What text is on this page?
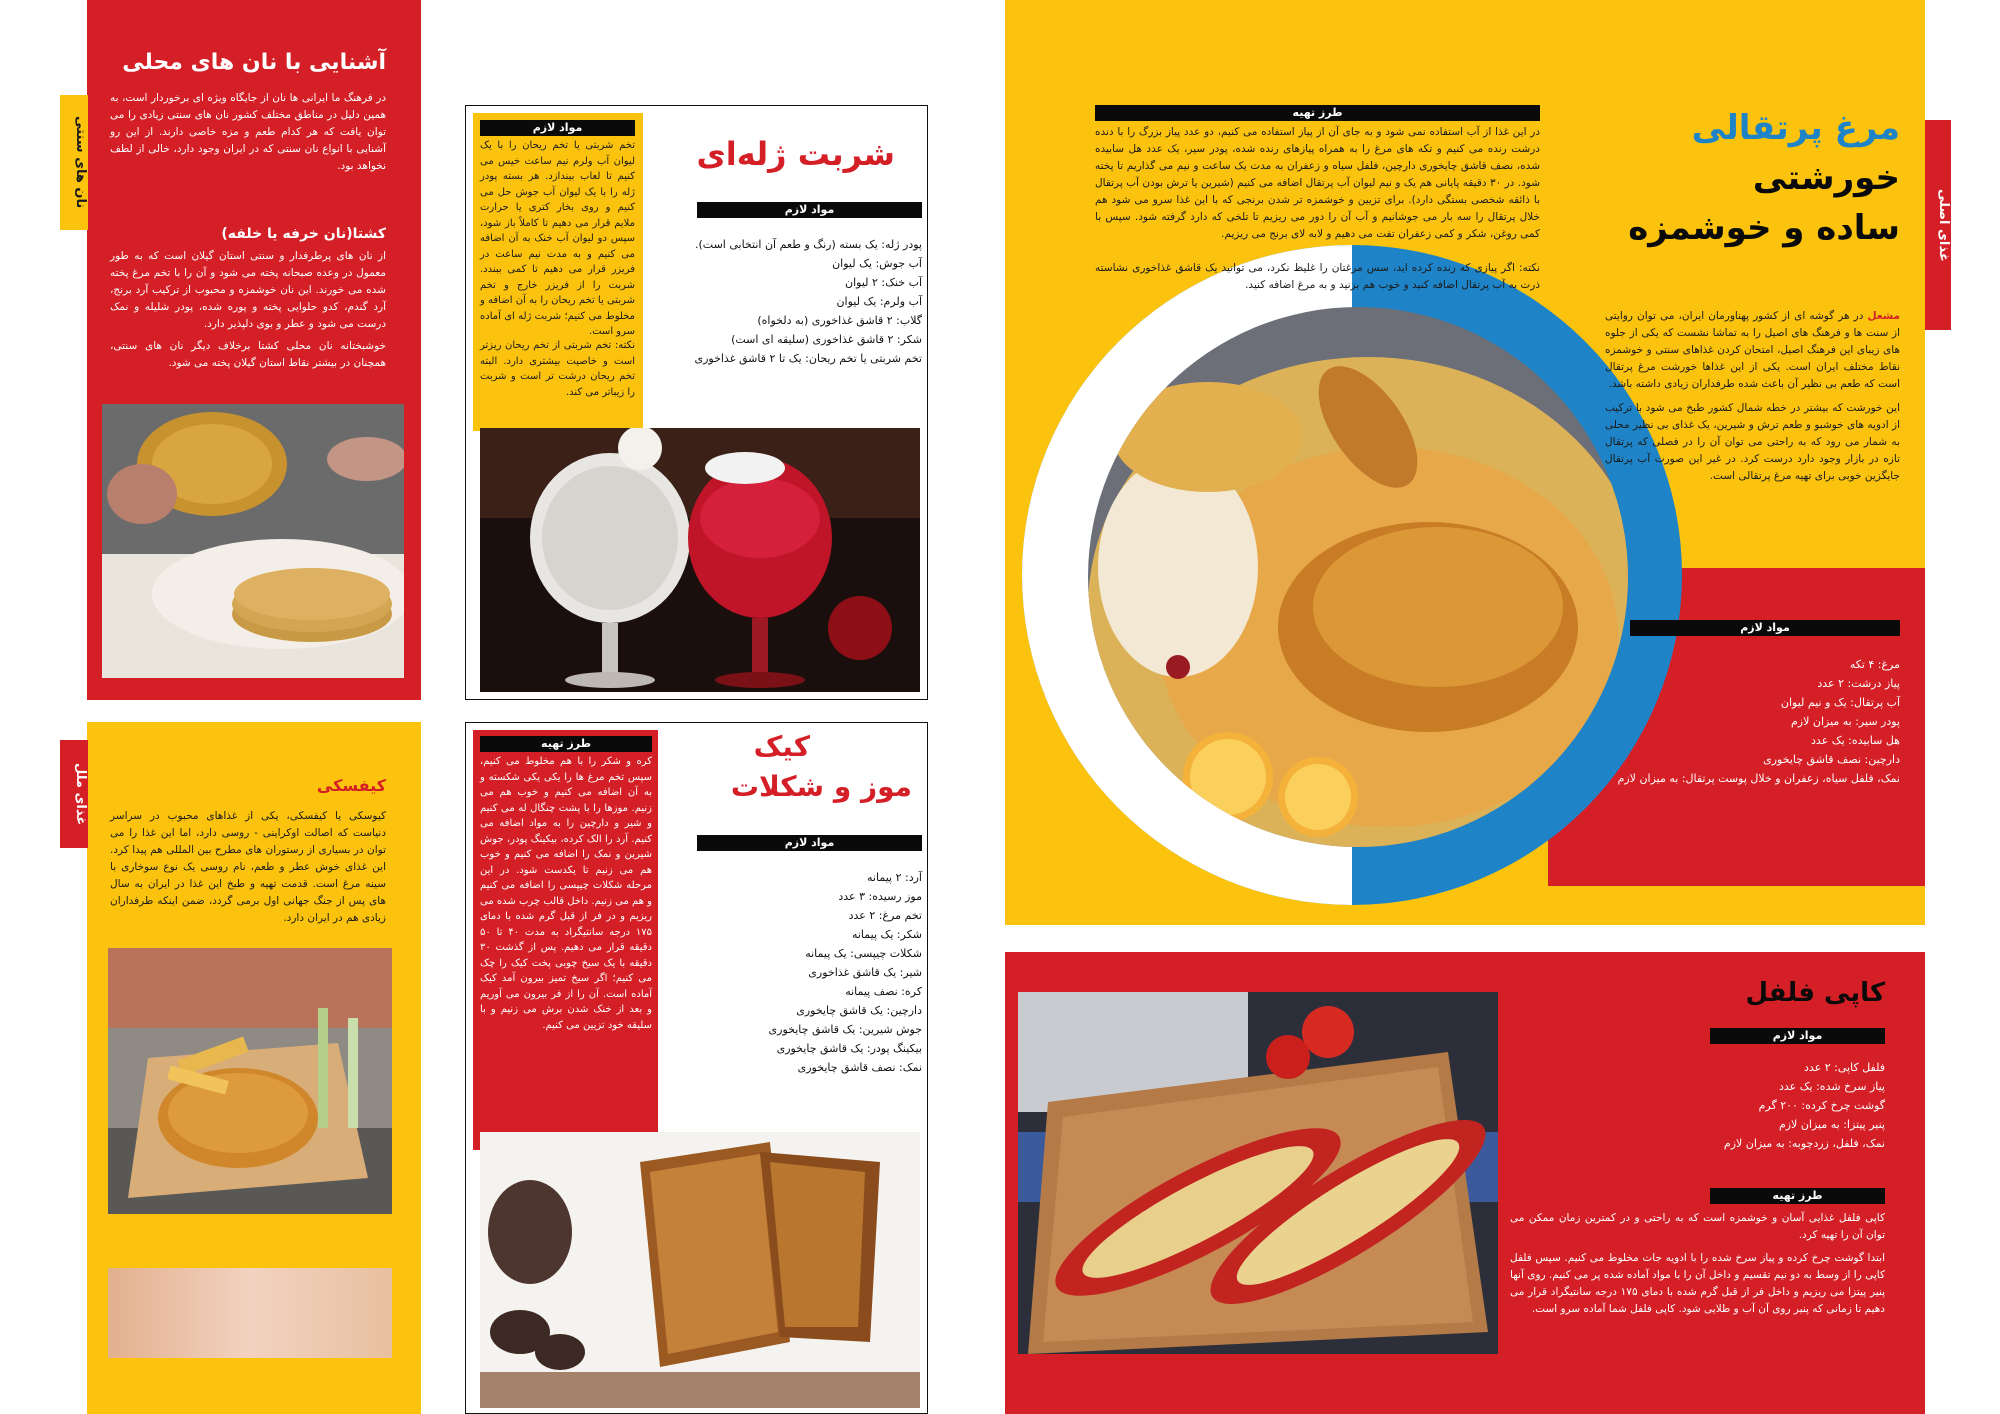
نان های سنتی
آشنایی با نان های محلی
در فرهنگ ما ایرانی ها نان از جایگاه ویژه ای برخوردار است، به همین دلیل در مناطق مختلف کشور نان های سنتی زیادی را می توان یافت که هر کدام طعم و مزه خاصی دارند. از این رو آشنایی با انواع نان سنتی که در ایران وجود دارد، خالی از لطف نخواهد بود.
کشتا(نان خرفه یا خلفه)
از نان های پرطرفدار و سنتی استان گیلان است که به طور معمول در وعده صبحانه پخته می شود و آن را با تخم مرغ پخته شده می خورند. این نان خوشمزه و محبوب از ترکیب آرد برنج، آرد گندم، کدو حلوایی پخته و پوره شده، پودر شلیله و نمک درست می شود و عطر و بوی دلپذیر دارد.
خوشبختانه نان محلی کشتا برخلاف دیگر نان های سنتی، همچنان در بیشتر نقاط استان گیلان پخته می شود.
مواد لازم
تخم شربتی یا تخم ریحان را با یک لیوان آب ولرم نیم ساعت خیس می کنیم تا لعاب بیندازد. هر بسته پودر ژله را با یک لیوان آب جوش حل می کنیم و روی بخار کتری یا حرارت ملایم قرار می دهیم تا کاملاً باز شود، سپس دو لیوان آب خنک به آن اضافه می کنیم و به مدت نیم ساعت در فریزر قرار می دهیم تا کمی ببندد. شربت را از فریزر خارج و تخم شربتی یا تخم ریحان را به آن اضافه و مخلوط می کنیم؛ شربت ژله ای آماده سرو است.
نکته: تخم شربتی از تخم ریحان ریزتر است و خاصیت بیشتری دارد. البته تخم ریحان درشت تر است و شربت را زیباتر می کند.
شربت ژله‌ای
مواد لازم
پودر ژله: یک بسته (رنگ و طعم آن انتخابی است).
آب جوش: یک لیوان
آب خنک: ۲ لیوان
آب ولرم: یک لیوان
گلاب: ۲ قاشق غذاخوری (به دلخواه)
شکر: ۲ قاشق غذاخوری (سلیقه ای است)
تخم شربتی یا تخم ریحان: یک تا ۲ قاشق غذاخوری
غذای ملل	کیفسکی
کیوسکی یا کیفسکی، یکی از غذاهای محبوب در سراسر دنیاست که اصالت اوکراینی - روسی دارد، اما این غذا را می توان در بسیاری از رستوران های مطرح بین المللی هم پیدا کرد. این غذای خوش عطر و طعم، نام روسی یک نوع سوخاری با سینه مرغ است. قدمت تهیه و طبخ این غذا در ایران به سال های پس از جنگ جهانی اول برمی گردد، ضمن اینکه طرفداران زیادی هم در ایران دارد.
طرز تهیه
کره و شکر را با هم مخلوط می کنیم، سپس تخم مرغ ها را یکی یکی شکسته و به آن اضافه می کنیم و خوب هم می زنیم. موزها را با پشت چنگال له می کنیم و شیر و دارچین را به مواد اضافه می کنیم. آرد را الک کرده، بیکینگ پودر، جوش شیرین و نمک را اضافه می کنیم و خوب هم می زنیم تا یکدست شود. در این مرحله شکلات چیپسی را اضافه می کنیم و هم می زنیم. داخل قالب چرب شده می ریزیم و در فر از قبل گرم شده با دمای ۱۷۵ درجه سانتیگراد به مدت ۴۰ تا ۵۰ دقیقه قرار می دهیم. پس از گذشت ۳۰ دقیقه با یک سیخ چوبی پخت کیک را چک می کنیم؛ اگر سیخ تمیز بیرون آمد کیک آماده است. آن را از فر بیرون می آوریم و بعد از خنک شدن برش می زنیم و با سلیقه خود تزیین می کنیم.
کیک
موز و شکلات
مواد لازم
آرد: ۲ پیمانه
موز رسیده: ۳ عدد
تخم مرغ: ۲ عدد
شکر: یک پیمانه
شکلات چیپسی: یک پیمانه
شیر: یک قاشق غذاخوری
کره: نصف پیمانه
دارچین: یک قاشق چایخوری
جوش شیرین: یک قاشق چایخوری
بیکینگ پودر: یک قاشق چایخوری
نمک: نصف قاشق چایخوری
غذای اصلی
مرغ پرتقالی
خورشتی
ساده و خوشمزه
مشعل در هر گوشه ای از کشور پهناورمان ایران، می توان روایتی از سنت ها و فرهنگ های اصیل را به تماشا نشست که یکی از جلوه های زیبای این فرهنگ اصیل، امتحان کردن غذاهای سنتی و خوشمزه نقاط مختلف ایران است. یکی از این غذاها خورشت مرغ پرتقال است که طعم بی نظیر آن باعث شده طرفداران زیادی داشته باشد.
این خورشت که بیشتر در خطه شمال کشور طبخ می شود با ترکیب از ادویه های خوشبو و طعم ترش و شیرین، یک غذای بی نظیر محلی به شمار می رود که به راحتی می توان آن را در فصلی که پرتقال تازه در بازار وجود دارد درست کرد. در غیر این صورت آب پرتقال جایگزین خوبی برای تهیه مرغ پرتقالی است.
طرز تهیه
در این غذا از آب استفاده نمی شود و به جای آن از پیاز استفاده می کنیم، دو عدد پیاز بزرگ را با دنده درشت رنده می کنیم و تکه های مرغ را به همراه پیازهای رنده شده، پودر سیر، یک عدد هل سابیده شده، نصف قاشق چایخوری دارچین، فلفل سیاه و زعفران به مدت یک ساعت و نیم می گذاریم تا پخته شود. در ۳۰ دقیقه پایانی هم یک و نیم لیوان آب پرتقال اضافه می کنیم (شیرین یا ترش بودن آب پرتقال با ذائقه شخصی بستگی دارد). برای تزیین و خوشمزه تر شدن برنجی که با این غذا سرو می شود هم خلال پرتقال را سه بار می جوشانیم و آب آن را دور می ریزیم تا تلخی که دارد گرفته شود. سپس با کمی روغن، شکر و کمی زعفران تفت می دهیم و لابه لای برنج می ریزیم.
نکته: اگر پیازی که رنده کرده اید، سس مرغتان را غلیظ نکرد، می توانید یک قاشق غذاخوری نشاسته ذرت به آب پرتقال اضافه کنید و خوب هم بزنید و به مرغ اضافه کنید.
مواد لازم
مرغ: ۴ تکه
پیاز درشت: ۲ عدد
آب پرتقال: یک و نیم لیوان
پودر سیر: به میزان لازم
هل سابیده: یک عدد
دارچین: نصف قاشق چایخوری
نمک، فلفل سیاه، زعفران و خلال پوست پرتقال: به میزان لازم
کاپی فلفل
مواد لازم
فلفل کاپی: ۲ عدد
پیاز سرخ شده: یک عدد
گوشت چرخ کرده: ۲۰۰ گرم
پنیر پیتزا: به میزان لازم
نمک، فلفل، زردچوبه: به میزان لازم
طرز تهیه
کاپی فلفل غذایی آسان و خوشمزه است که به راحتی و در کمترین زمان ممکن می توان آن را تهیه کرد.
ابتدا گوشت چرخ کرده و پیاز سرخ شده را با ادویه جات مخلوط می کنیم. سپس فلفل کاپی را از وسط به دو نیم تقسیم و داخل آن را با مواد آماده شده پر می کنیم. روی آنها پنیر پیتزا می ریزیم و داخل فر از قبل گرم شده با دمای ۱۷۵ درجه سانتیگراد قرار می دهیم تا زمانی که پنیر روی آن آب و طلایی شود. کاپی فلفل شما آماده سرو است.
